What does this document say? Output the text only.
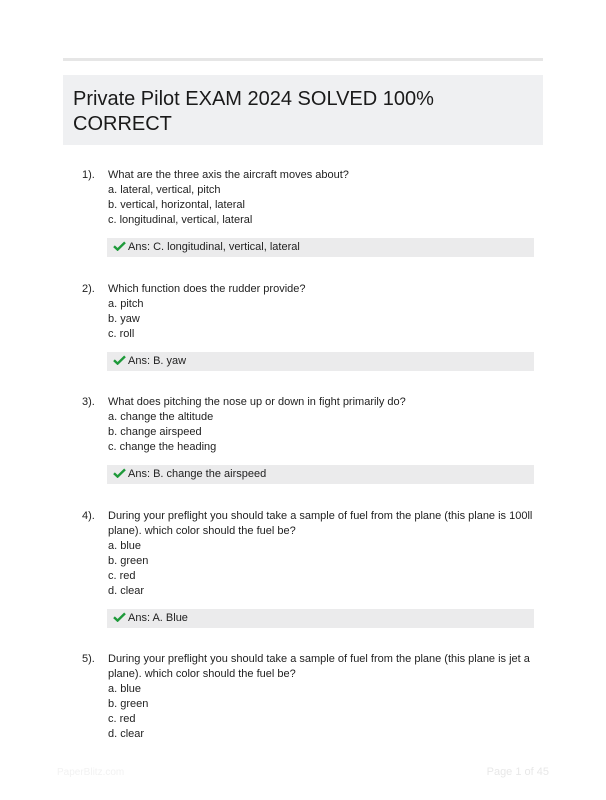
Private Pilot EXAM 2024 SOLVED 100% CORRECT
1).	What are the three axis the aircraft moves about?

a. lateral, vertical, pitch

b. vertical, horizontal, lateral

c. longitudinal, vertical, lateral

Ans: C. longitudinal, vertical, lateral
2).	Which function does the rudder provide?

a. pitch

b. yaw

c. roll

Ans: B. yaw
3).	What does pitching the nose up or down in fight primarily do?

a. change the altitude

b. change airspeed

c. change the heading

Ans: B. change the airspeed
4).	During your preflight you should take a sample of fuel from the plane (this plane is 100ll plane). which color should the fuel be?

a. blue

b. green

c. red

d. clear

Ans: A. Blue
5).	During your preflight you should take a sample of fuel from the plane (this plane is jet a plane). which color should the fuel be?

a. blue

b. green

c. red

d. clear

PaperBlitz.com	Page 1 of 45
